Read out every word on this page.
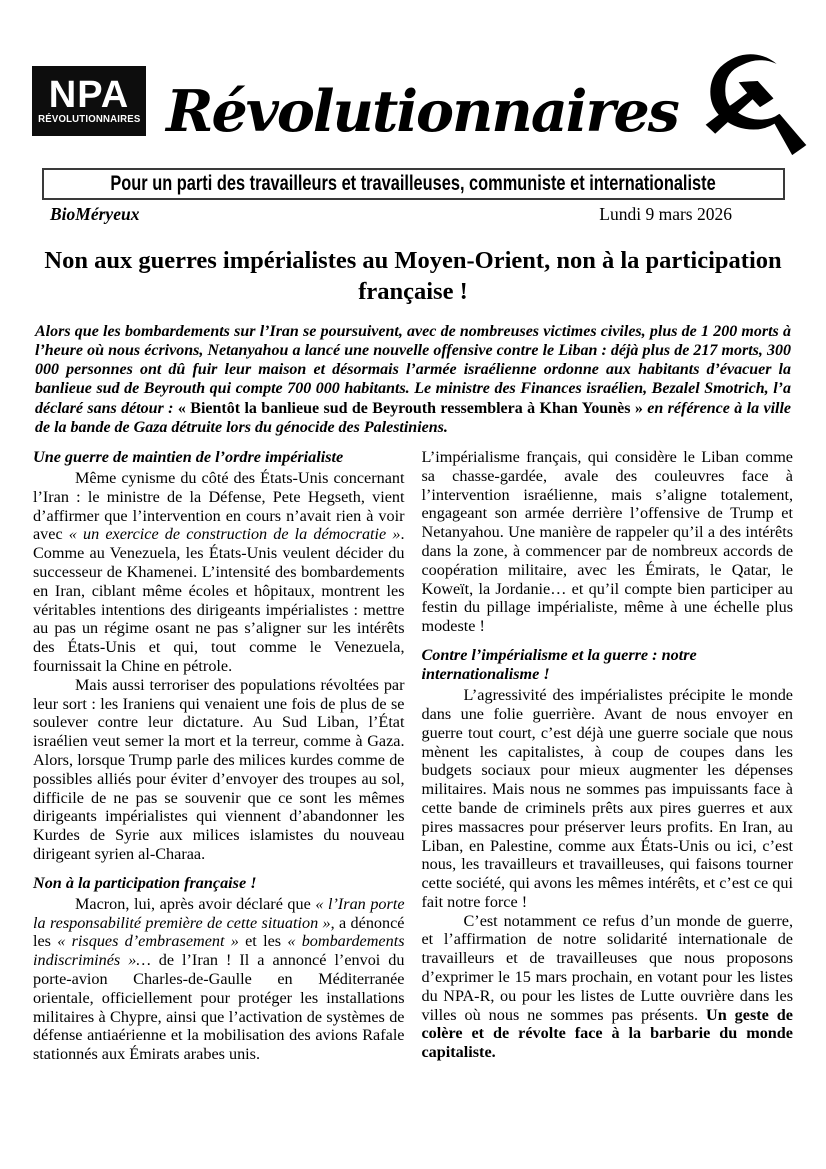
NPA
RÉVOLUTIONNAIRES Révolutionnaires ☭
Pour un parti des travailleurs et travailleuses, communiste et internationaliste
BioMéryeux	Lundi 9 mars 2026
Non aux guerres impérialistes au Moyen-Orient, non à la participation française !

Alors que les bombardements sur l’Iran se poursuivent, avec de nombreuses victimes civiles, plus de 1 200 morts à l’heure où nous écrivons, Netanyahou a lancé une nouvelle offensive contre le Liban : déjà plus de 217 morts, 300 000 personnes ont dû fuir leur maison et désormais l’armée israélienne ordonne aux habitants d’évacuer la banlieue sud de Beyrouth qui compte 700 000 habitants. Le ministre des Finances israélien, Bezalel Smotrich, l’a déclaré sans détour : « Bientôt la banlieue sud de Beyrouth ressemblera à Khan Younès » en référence à la ville de la bande de Gaza détruite lors du génocide des Palestiniens.

Une guerre de maintien de l’ordre impérialiste

Même cynisme du côté des États-Unis concernant l’Iran : le ministre de la Défense, Pete Hegseth, vient d’affirmer que l’intervention en cours n’avait rien à voir avec « un exercice de construction de la démocratie ». Comme au Venezuela, les États-Unis veulent décider du successeur de Khamenei. L’intensité des bombardements en Iran, ciblant même écoles et hôpitaux, montrent les véritables intentions des dirigeants impérialistes : mettre au pas un régime osant ne pas s’aligner sur les intérêts des États-Unis et qui, tout comme le Venezuela, fournissait la Chine en pétrole.

Mais aussi terroriser des populations révoltées par leur sort : les Iraniens qui venaient une fois de plus de se soulever contre leur dictature. Au Sud Liban, l’État israélien veut semer la mort et la terreur, comme à Gaza. Alors, lorsque Trump parle des milices kurdes comme de possibles alliés pour éviter d’envoyer des troupes au sol, difficile de ne pas se souvenir que ce sont les mêmes dirigeants impérialistes qui viennent d’abandonner les Kurdes de Syrie aux milices islamistes du nouveau dirigeant syrien al-Charaa.

Non à la participation française !

Macron, lui, après avoir déclaré que « l’Iran porte la responsabilité première de cette situation », a dénoncé les « risques d’embrasement » et les « bombardements indiscriminés »… de l’Iran ! Il a annoncé l’envoi du porte-avion Charles-de-Gaulle en Méditerranée orientale, officiellement pour protéger les installations militaires à Chypre, ainsi que l’activation de systèmes de défense antiaérienne et la mobilisation des avions Rafale stationnés aux Émirats arabes unis.

L’impérialisme français, qui considère le Liban comme sa chasse-gardée, avale des couleuvres face à l’intervention israélienne, mais s’aligne totalement, engageant son armée derrière l’offensive de Trump et Netanyahou. Une manière de rappeler qu’il a des intérêts dans la zone, à commencer par de nombreux accords de coopération militaire, avec les Émirats, le Qatar, le Koweït, la Jordanie… et qu’il compte bien participer au festin du pillage impérialiste, même à une échelle plus modeste !

Contre l’impérialisme et la guerre : notre internationalisme !

L’agressivité des impérialistes précipite le monde dans une folie guerrière. Avant de nous envoyer en guerre tout court, c’est déjà une guerre sociale que nous mènent les capitalistes, à coup de coupes dans les budgets sociaux pour mieux augmenter les dépenses militaires. Mais nous ne sommes pas impuissants face à cette bande de criminels prêts aux pires guerres et aux pires massacres pour préserver leurs profits. En Iran, au Liban, en Palestine, comme aux États-Unis ou ici, c’est nous, les travailleurs et travailleuses, qui faisons tourner cette société, qui avons les mêmes intérêts, et c’est ce qui fait notre force !

C’est notamment ce refus d’un monde de guerre, et l’affirmation de notre solidarité internationale de travailleurs et de travailleuses que nous proposons d’exprimer le 15 mars prochain, en votant pour les listes du NPA-R, ou pour les listes de Lutte ouvrière dans les villes où nous ne sommes pas présents. Un geste de colère et de révolte face à la barbarie du monde capitaliste.
